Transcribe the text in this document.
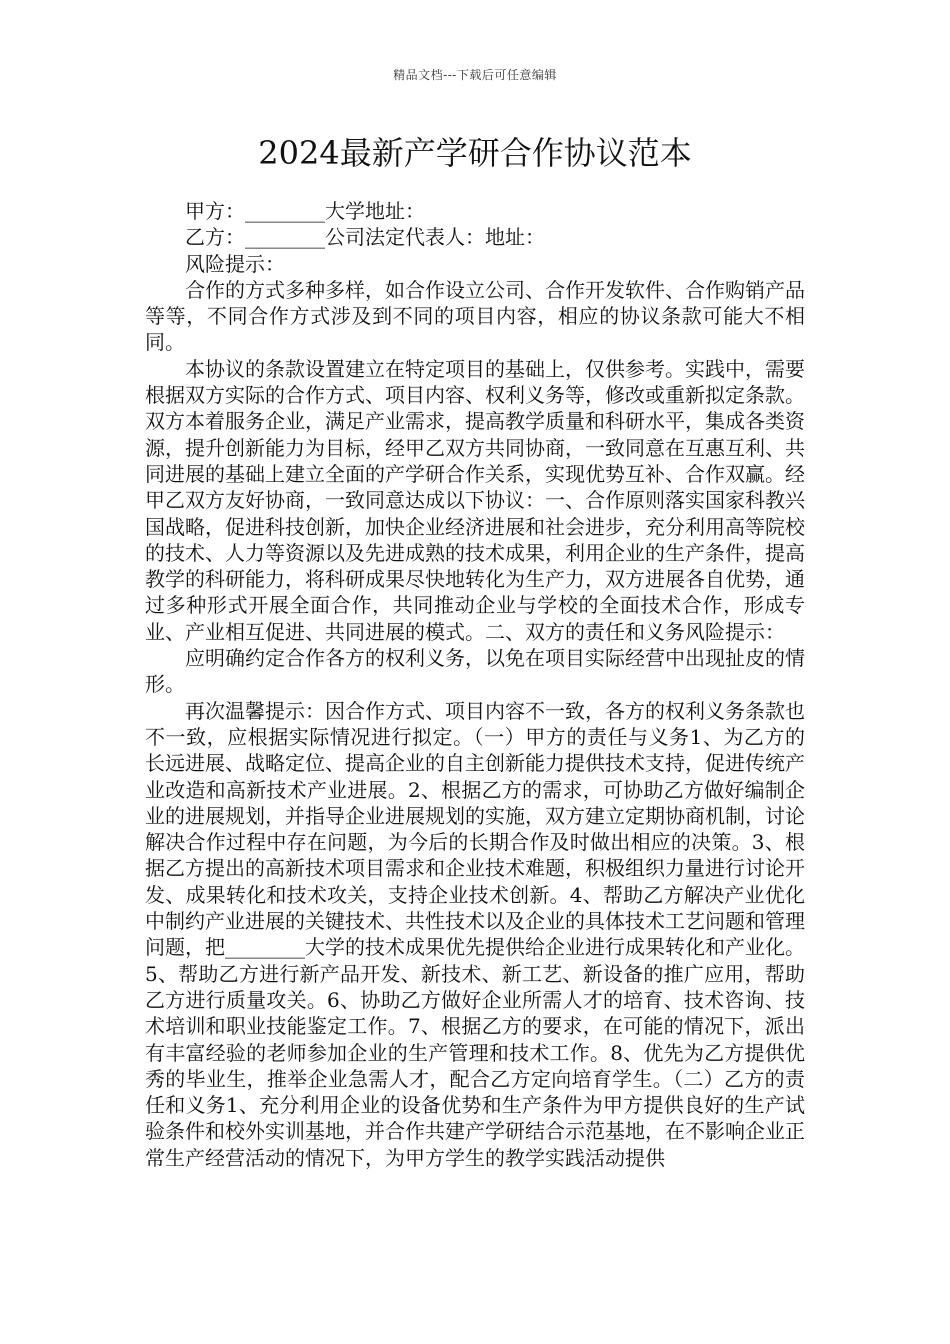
精品文档---下载后可任意编辑
2024最新产学研合作协议范本
甲方：________大学地址：
乙方：________公司法定代表人：地址：
风险提示：

合作的方式多种多样，如合作设立公司、合作开发软件、合作购销产品等等，不同合作方式涉及到不同的项目内容，相应的协议条款可能大不相同。

本协议的条款设置建立在特定项目的基础上，仅供参考。实践中，需要根据双方实际的合作方式、项目内容、权利义务等，修改或重新拟定条款。双方本着服务企业，满足产业需求，提高教学质量和科研水平，集成各类资源，提升创新能力为目标，经甲乙双方共同协商，一致同意在互惠互利、共同进展的基础上建立全面的产学研合作关系，实现优势互补、合作双赢。经甲乙双方友好协商，一致同意达成以下协议：一、合作原则落实国家科教兴国战略，促进科技创新，加快企业经济进展和社会进步，充分利用高等院校的技术、人力等资源以及先进成熟的技术成果，利用企业的生产条件，提高教学的科研能力，将科研成果尽快地转化为生产力，双方进展各自优势，通过多种形式开展全面合作，共同推动企业与学校的全面技术合作，形成专业、产业相互促进、共同进展的模式。二、双方的责任和义务风险提示：

应明确约定合作各方的权利义务，以免在项目实际经营中出现扯皮的情形。

再次温馨提示：因合作方式、项目内容不一致，各方的权利义务条款也不一致，应根据实际情况进行拟定。（一）甲方的责任与义务1、为乙方的长远进展、战略定位、提高企业的自主创新能力提供技术支持，促进传统产业改造和高新技术产业进展。2、根据乙方的需求，可协助乙方做好编制企业的进展规划，并指导企业进展规划的实施，双方建立定期协商机制，讨论解决合作过程中存在问题，为今后的长期合作及时做出相应的决策。3、根据乙方提出的高新技术项目需求和企业技术难题，积极组织力量进行讨论开发、成果转化和技术攻关，支持企业技术创新。4、帮助乙方解决产业优化中制约产业进展的关键技术、共性技术以及企业的具体技术工艺问题和管理问题，把________大学的技术成果优先提供给企业进行成果转化和产业化。5、帮助乙方进行新产品开发、新技术、新工艺、新设备的推广应用，帮助乙方进行质量攻关。6、协助乙方做好企业所需人才的培育、技术咨询、技术培训和职业技能鉴定工作。7、根据乙方的要求，在可能的情况下，派出有丰富经验的老师参加企业的生产管理和技术工作。8、优先为乙方提供优秀的毕业生，推举企业急需人才，配合乙方定向培育学生。（二）乙方的责任和义务1、充分利用企业的设备优势和生产条件为甲方提供良好的生产试验条件和校外实训基地，并合作共建产学研结合示范基地，在不影响企业正常生产经营活动的情况下，为甲方学生的教学实践活动提供
